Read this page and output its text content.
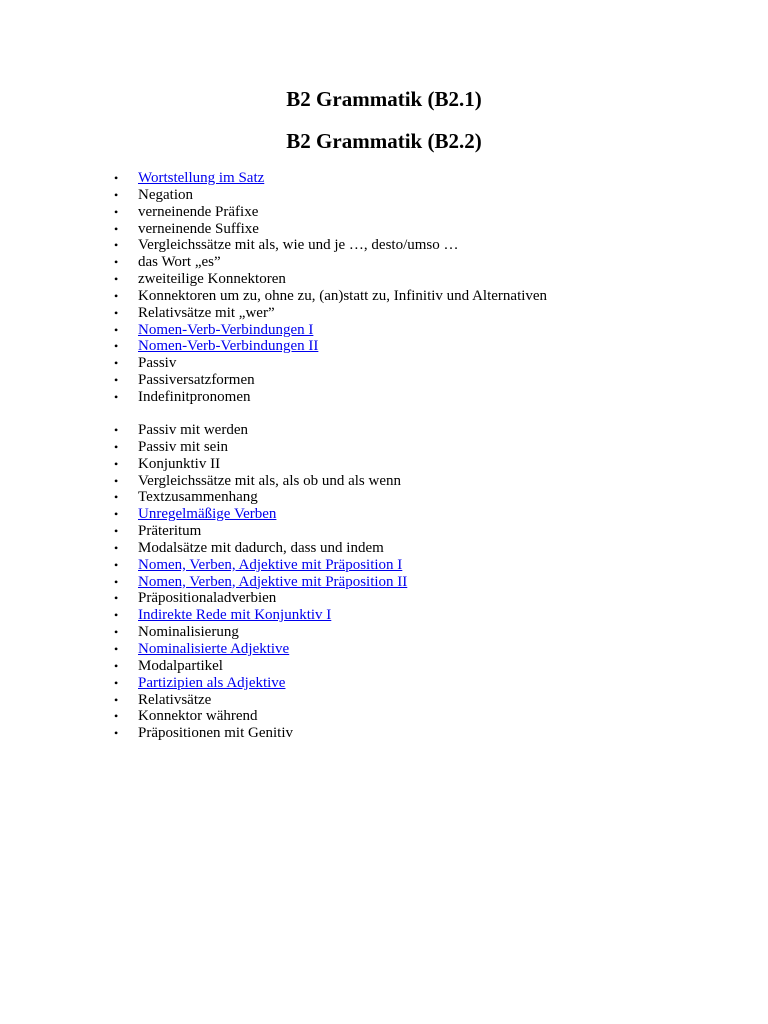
B2 Grammatik (B2.1)
B2 Grammatik (B2.2)
• Wortstellung im Satz
• Negation
• verneinende Präfixe
• verneinende Suffixe
• Vergleichssätze mit als, wie und je …, desto/umso …
• das Wort „es”
• zweiteilige Konnektoren
• Konnektoren um zu, ohne zu, (an)statt zu, Infinitiv und Alternativen
• Relativsätze mit „wer”
• Nomen-Verb-Verbindungen I
• Nomen-Verb-Verbindungen II
• Passiv
• Passiversatzformen
• Indefinitpronomen
• Passiv mit werden
• Passiv mit sein
• Konjunktiv II
• Vergleichssätze mit als, als ob und als wenn
• Textzusammenhang
• Unregelmäßige Verben
• Präteritum
• Modalsätze mit dadurch, dass und indem
• Nomen, Verben, Adjektive mit Präposition I
• Nomen, Verben, Adjektive mit Präposition II
• Präpositionaladverbien
• Indirekte Rede mit Konjunktiv I
• Nominalisierung
• Nominalisierte Adjektive
• Modalpartikel
• Partizipien als Adjektive
• Relativsätze
• Konnektor während
• Präpositionen mit Genitiv
